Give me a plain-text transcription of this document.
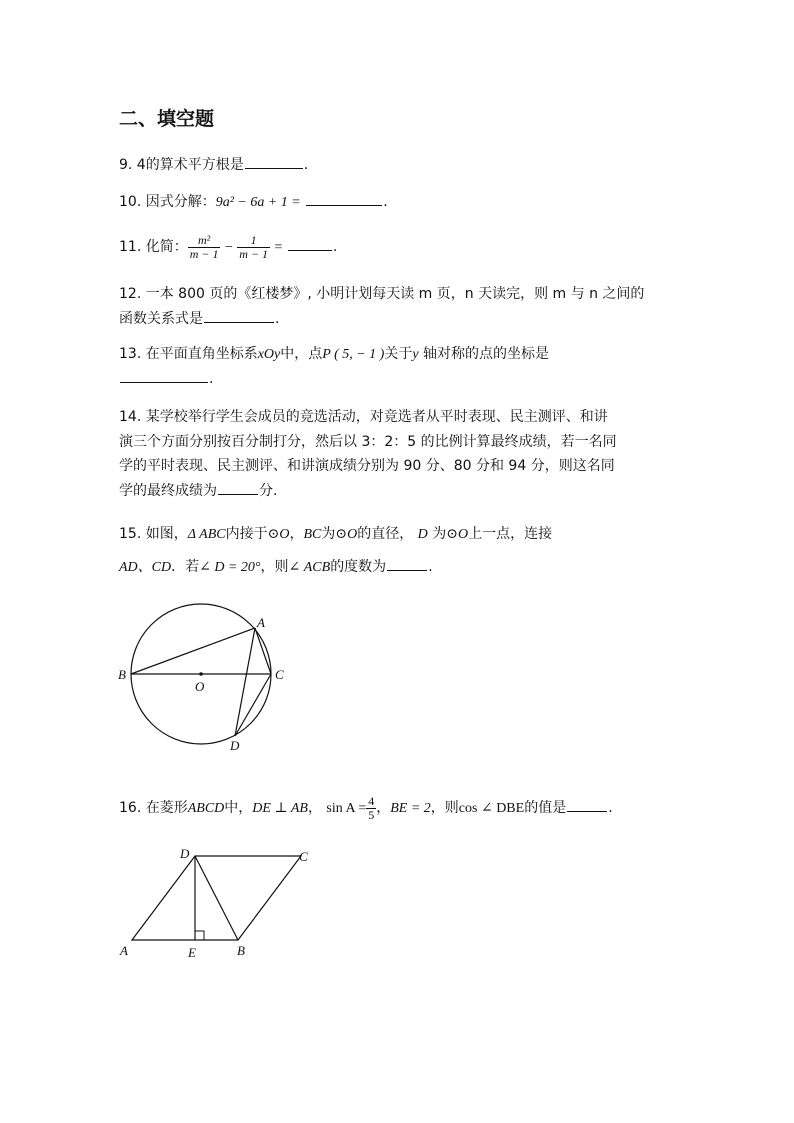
二、填空题
9. 4的算术平方根是	.
10. 因式分解：9a² − 6a + 1 =	.
11. 化简： $\frac{\text{m²}}{m - 1} - \frac{1}{m - 1}$ =	.
12. 一本 800 页的《红楼梦》, 小明计划每天读 m 页，n 天读完，则 m 与 n 之间的
函数关系式是	.
13. 在平面直角坐标系xOy中，点P ( 5, − 1 )关于y 轴对称的点的坐标是
.
14. 某学校举行学生会成员的竞选活动，对竞选者从平时表现、民主测评、和讲
演三个方面分别按百分制打分，然后以 3：2：5 的比例计算最终成绩，若一名同
学的平时表现、民主测评、和讲演成绩分别为 90 分、80 分和 94 分，则这名同
学的最终成绩为	分.
15. 如图，Δ ABC内接于⊙O，BC为⊙O的直径， D 为⊙O上一点，连接
AD、CD．若∠ D = 20°，则∠ ACB的度数为	.
A
B	C
D
O
16. 在菱形ABCD中，DE ⊥ AB， $\sin A = \frac{4}{5}$ ，BE = 2，则cos ∠ DBE的值是	.
D	C
A	B
E
